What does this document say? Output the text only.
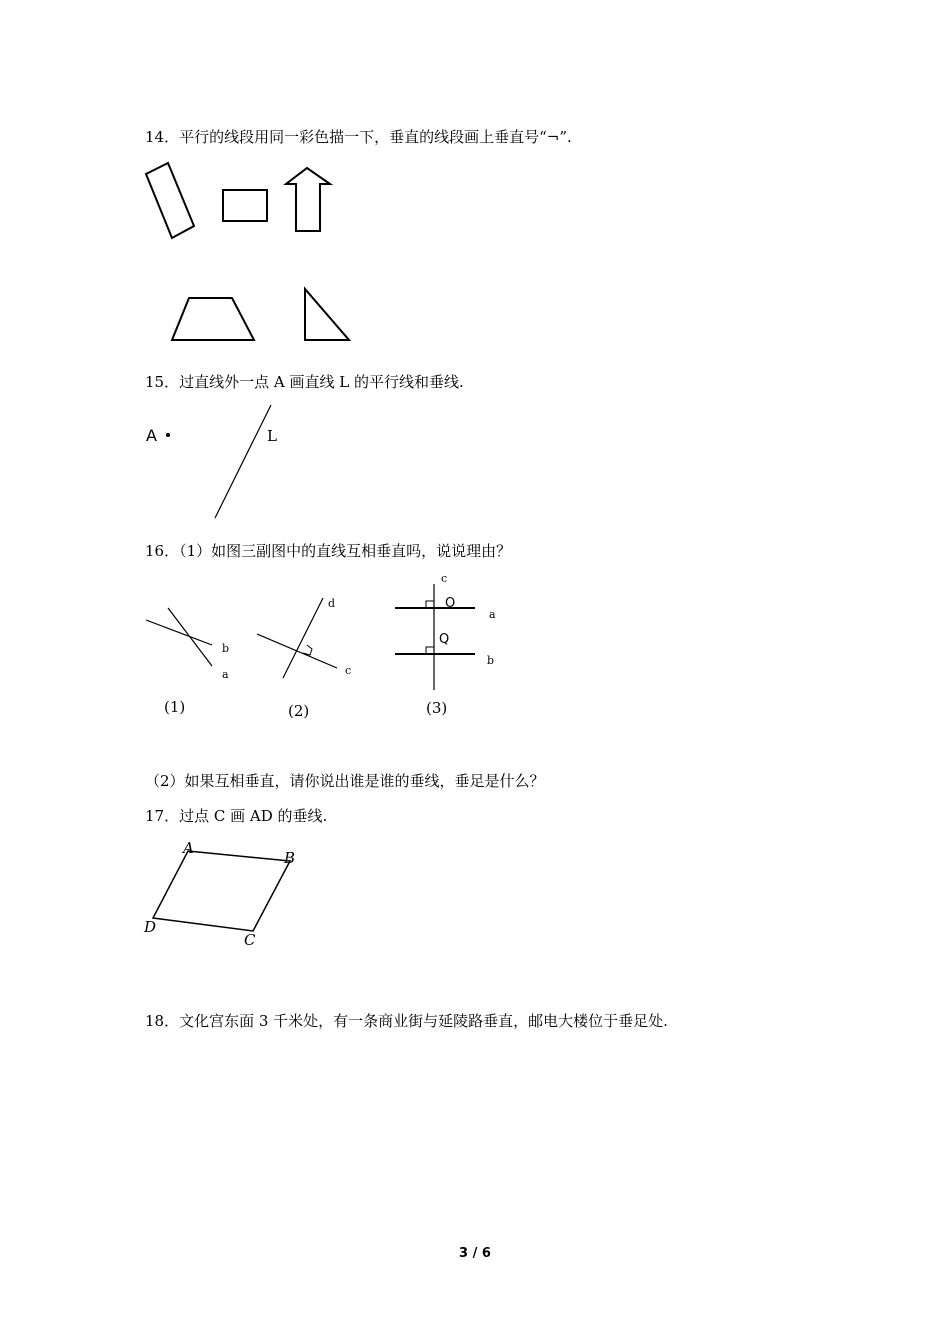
14．平行的线段用同一彩色描一下，垂直的线段画上垂直号“¬”.
15．过直线外一点 A 画直线 L 的平行线和垂线.
A	L
16．（1）如图三副图中的直线互相垂直吗，说说理由？
b
a
(1)
d
c
(2)
c
a
b
O
Q
(3)
（2）如果互相垂直，请你说出谁是谁的垂线，垂足是什么？
17．过点 C 画 AD 的垂线.
A
B
C
D
18．文化宫东面 3 千米处，有一条商业街与延陵路垂直，邮电大楼位于垂足处.
3 / 6
